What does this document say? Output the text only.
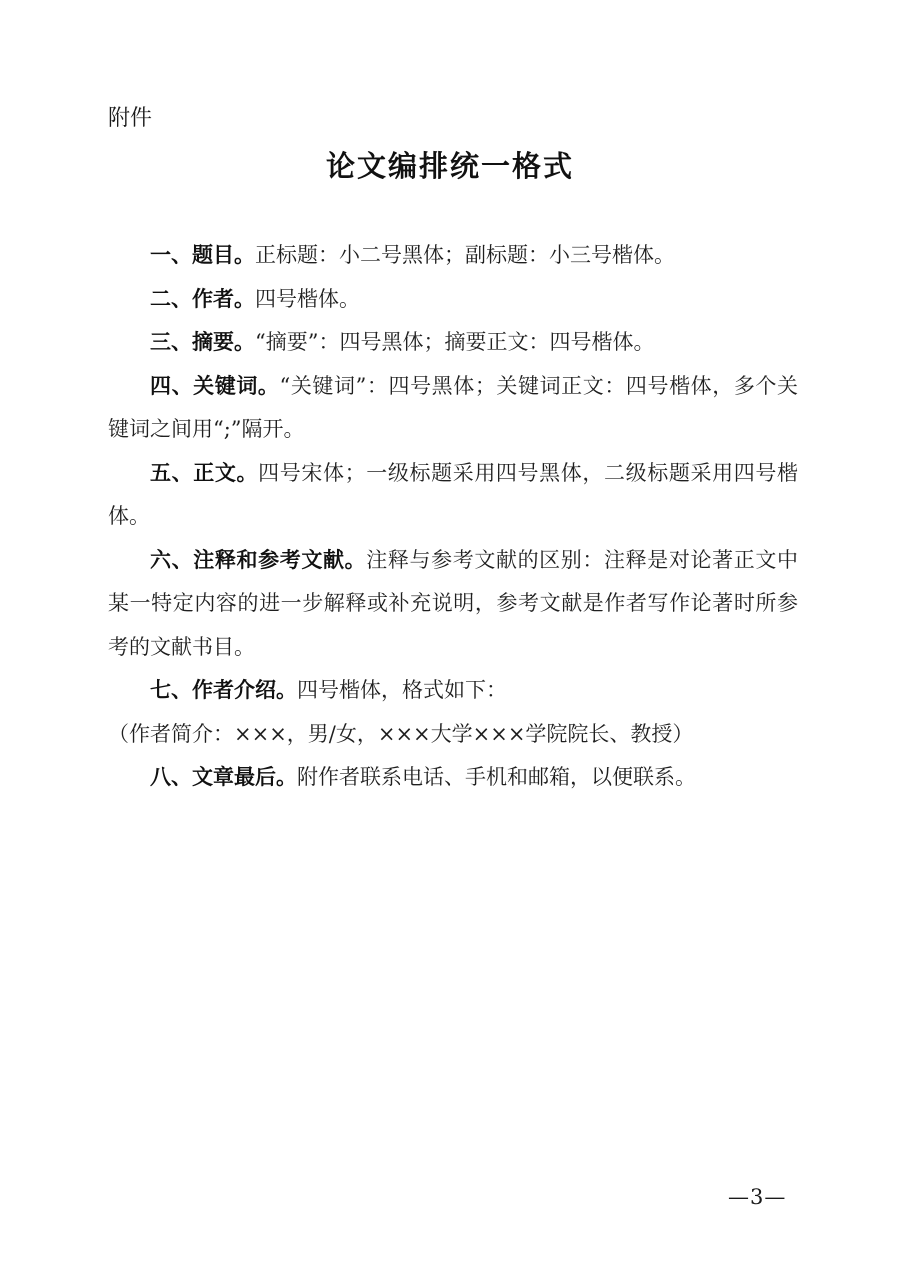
附件
论文编排统一格式

一、题目。正标题：小二号黑体；副标题：小三号楷体。

二、作者。四号楷体。

三、摘要。“摘要”：四号黑体；摘要正文：四号楷体。

四、关键词。“关键词”：四号黑体；关键词正文：四号楷体，多个关键词之间用“;”隔开。

五、正文。四号宋体；一级标题采用四号黑体，二级标题采用四号楷体。

六、注释和参考文献。注释与参考文献的区别：注释是对论著正文中某一特定内容的进一步解释或补充说明，参考文献是作者写作论著时所参考的文献书目。

七、作者介绍。四号楷体，格式如下：

（作者简介：×××，男/女，×××大学×××学院院长、教授）

八、文章最后。附作者联系电话、手机和邮箱，以便联系。

—3—
